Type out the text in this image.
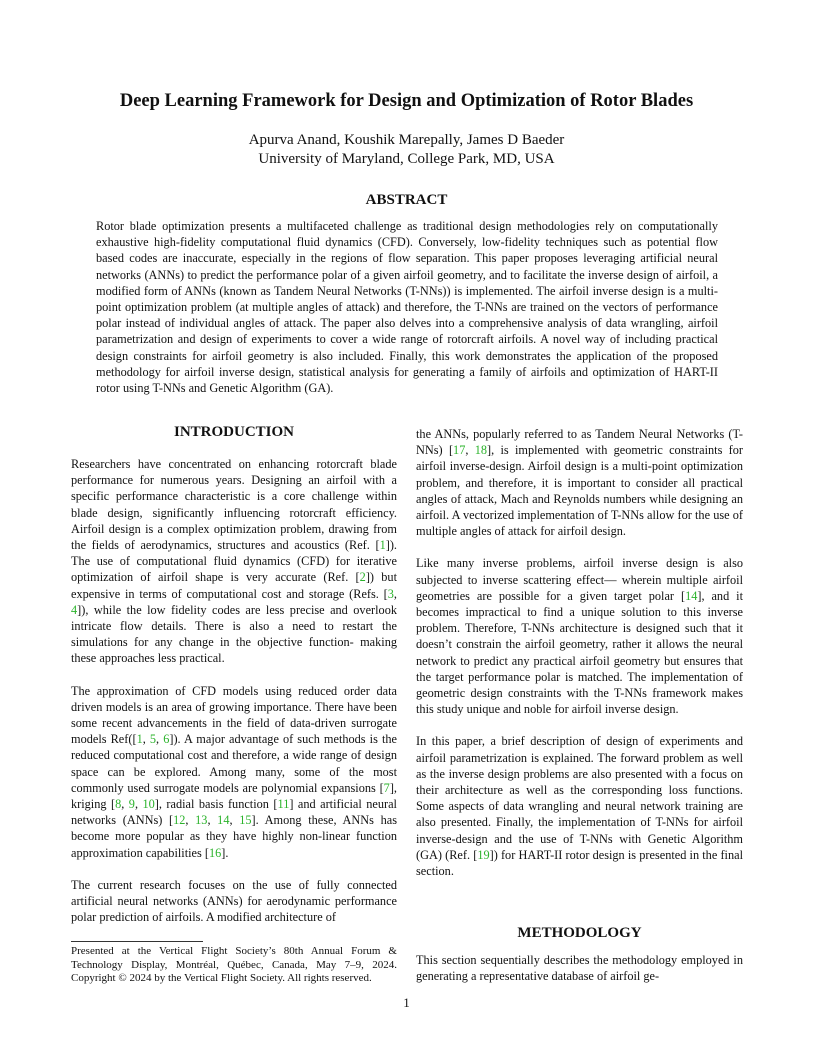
Deep Learning Framework for Design and Optimization of Rotor Blades
Apurva Anand, Koushik Marepally, James D Baeder
University of Maryland, College Park, MD, USA
ABSTRACT
Rotor blade optimization presents a multifaceted challenge as traditional design methodologies rely on computationally exhaustive high-fidelity computational fluid dynamics (CFD). Conversely, low-fidelity techniques such as potential flow based codes are inaccurate, especially in the regions of flow separation. This paper proposes leveraging artificial neural networks (ANNs) to predict the performance polar of a given airfoil geometry, and to facilitate the inverse design of airfoil, a modified form of ANNs (known as Tandem Neural Networks (T-NNs)) is implemented. The airfoil inverse design is a multi-point optimization problem (at multiple angles of attack) and therefore, the T-NNs are trained on the vectors of performance polar instead of individual angles of attack. The paper also delves into a comprehensive analysis of data wrangling, airfoil parametrization and design of experiments to cover a wide range of rotorcraft airfoils. A novel way of including practical design constraints for airfoil geometry is also included. Finally, this work demonstrates the application of the proposed methodology for airfoil inverse design, statistical analysis for generating a family of airfoils and optimization of HART-II rotor using T-NNs and Genetic Algorithm (GA).
INTRODUCTION

Researchers have concentrated on enhancing rotorcraft blade performance for numerous years. Designing an airfoil with a specific performance characteristic is a core challenge within blade design, significantly influencing rotorcraft efficiency. Airfoil design is a complex optimization problem, drawing from the fields of aerodynamics, structures and acoustics (Ref. [1]). The use of computational fluid dynamics (CFD) for iterative optimization of airfoil shape is very accurate (Ref. [2]) but expensive in terms of computational cost and storage (Refs. [3, 4]), while the low fidelity codes are less precise and overlook intricate flow details. There is also a need to restart the simulations for any change in the objective function- making these approaches less practical.

The approximation of CFD models using reduced order data driven models is an area of growing importance. There have been some recent advancements in the field of data-driven surrogate models Ref([1, 5, 6]). A major advantage of such methods is the reduced computational cost and therefore, a wide range of design space can be explored. Among many, some of the most commonly used surrogate models are polynomial expansions [7], kriging [8, 9, 10], radial basis function [11] and artificial neural networks (ANNs) [12, 13, 14, 15]. Among these, ANNs has become more popular as they have highly non-linear function approximation capabilities [16].

The current research focuses on the use of fully connected artificial neural networks (ANNs) for aerodynamic performance polar prediction of airfoils. A modified architecture of

the ANNs, popularly referred to as Tandem Neural Networks (T-NNs) [17, 18], is implemented with geometric constraints for airfoil inverse-design. Airfoil design is a multi-point optimization problem, and therefore, it is important to consider all practical angles of attack, Mach and Reynolds numbers while designing an airfoil. A vectorized implementation of T-NNs allow for the use of multiple angles of attack for airfoil design.

Like many inverse problems, airfoil inverse design is also subjected to inverse scattering effect— wherein multiple airfoil geometries are possible for a given target polar [14], and it becomes impractical to find a unique solution to this inverse problem. Therefore, T-NNs architecture is designed such that it doesn’t constrain the airfoil geometry, rather it allows the neural network to predict any practical airfoil geometry but ensures that the target performance polar is matched. The implementation of geometric design constraints with the T-NNs framework makes this study unique and noble for airfoil inverse design.

In this paper, a brief description of design of experiments and airfoil parametrization is explained. The forward problem as well as the inverse design problems are also presented with a focus on their architecture as well as the corresponding loss functions. Some aspects of data wrangling and neural network training are also presented. Finally, the implementation of T-NNs for airfoil inverse-design and the use of T-NNs with Genetic Algorithm (GA) (Ref. [19]) for HART-II rotor design is presented in the final section.

METHODOLOGY
This section sequentially describes the methodology employed in generating a representative database of airfoil ge-
Presented at the Vertical Flight Society’s 80th Annual Forum & Technology Display, Montréal, Québec, Canada, May 7–9, 2024. Copyright © 2024 by the Vertical Flight Society. All rights reserved.
1
